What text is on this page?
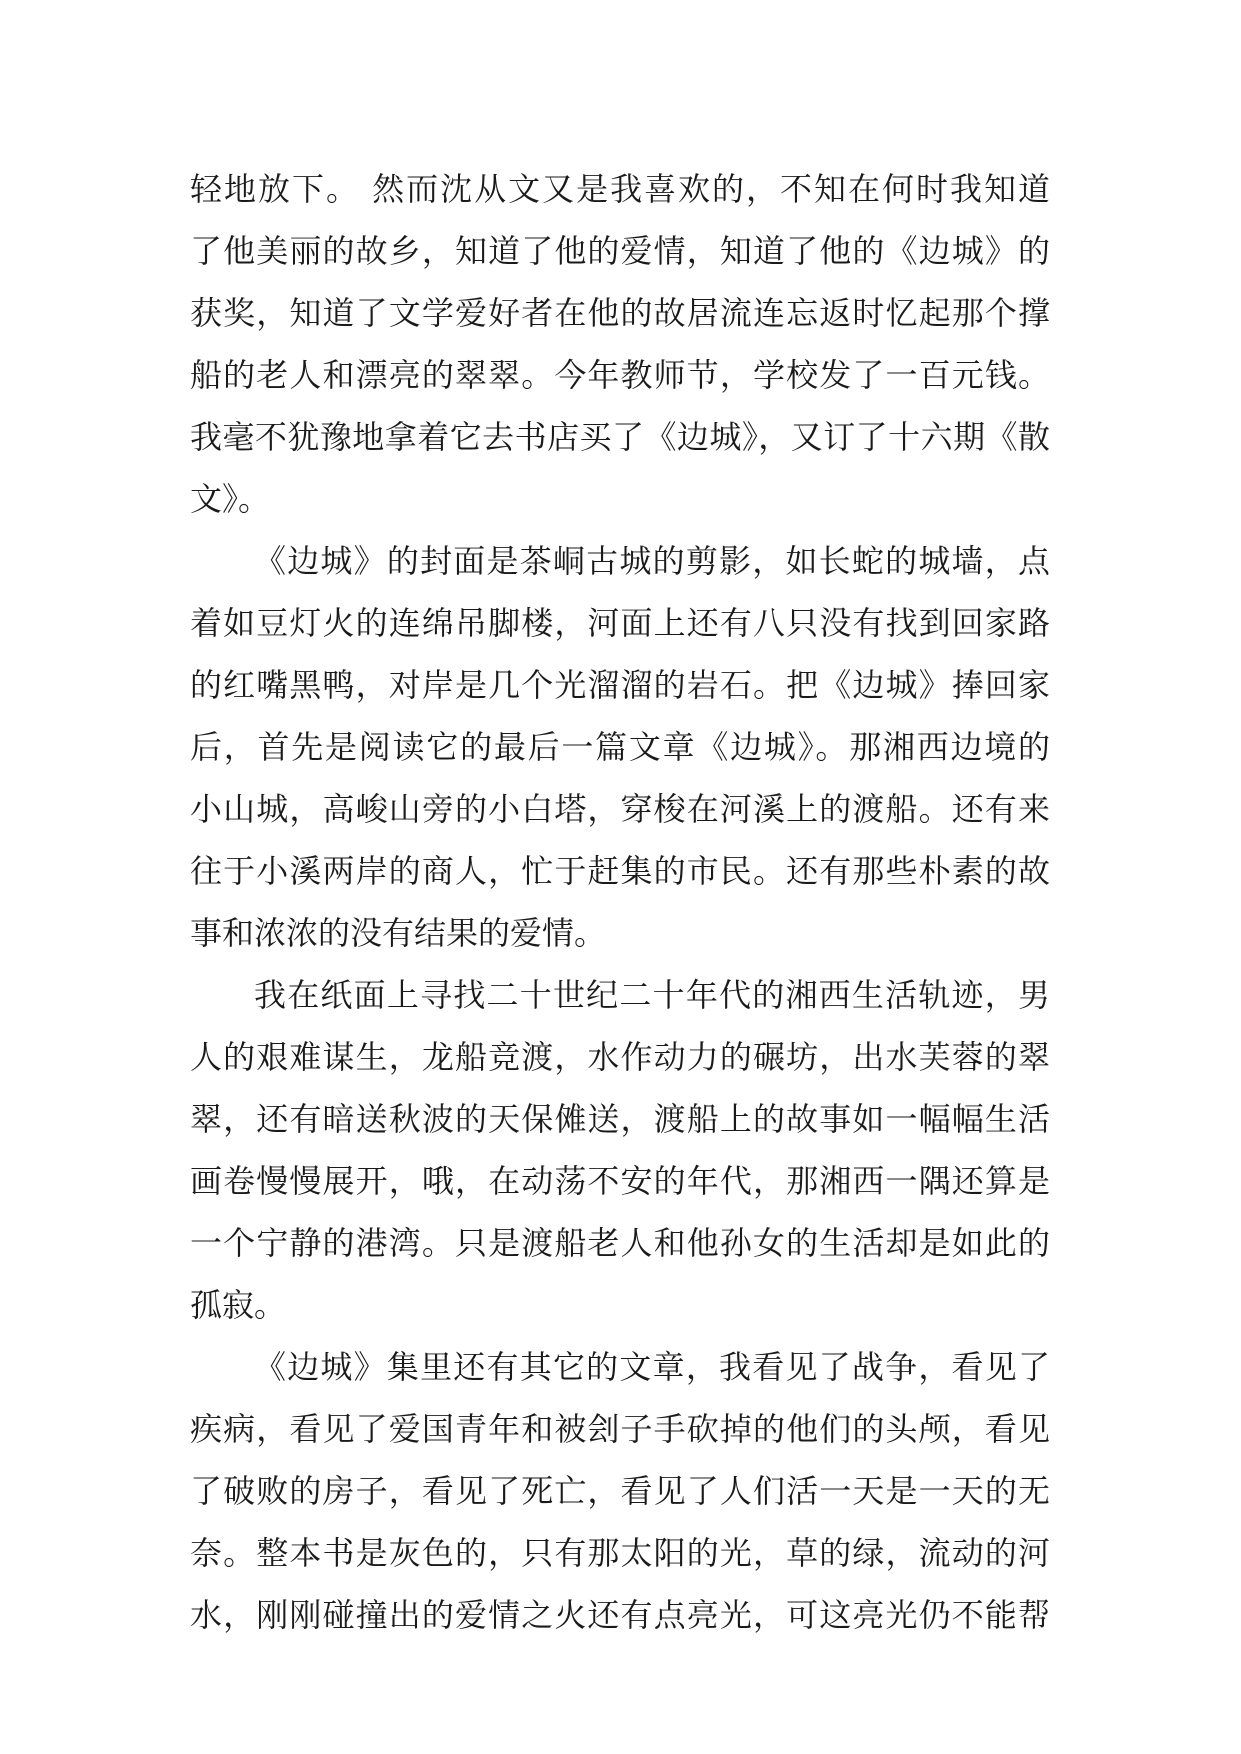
轻地放下。 然而沈从文又是我喜欢的，不知在何时我知道
了他美丽的故乡，知道了他的爱情，知道了他的《边城》的
获奖，知道了文学爱好者在他的故居流连忘返时忆起那个撑
船的老人和漂亮的翠翠。今年教师节，学校发了一百元钱。
我毫不犹豫地拿着它去书店买了《边城》，又订了十六期《散
文》。
《边城》的封面是茶峒古城的剪影，如长蛇的城墙，点
着如豆灯火的连绵吊脚楼，河面上还有八只没有找到回家路
的红嘴黑鸭，对岸是几个光溜溜的岩石。把《边城》捧回家
后，首先是阅读它的最后一篇文章《边城》。那湘西边境的
小山城，高峻山旁的小白塔，穿梭在河溪上的渡船。还有来
往于小溪两岸的商人，忙于赶集的市民。还有那些朴素的故
事和浓浓的没有结果的爱情。
我在纸面上寻找二十世纪二十年代的湘西生活轨迹，男
人的艰难谋生，龙船竞渡，水作动力的碾坊，出水芙蓉的翠
翠，还有暗送秋波的天保傩送，渡船上的故事如一幅幅生活
画卷慢慢展开，哦，在动荡不安的年代，那湘西一隅还算是
一个宁静的港湾。只是渡船老人和他孙女的生活却是如此的
孤寂。
《边城》集里还有其它的文章，我看见了战争，看见了
疾病，看见了爱国青年和被刽子手砍掉的他们的头颅，看见
了破败的房子，看见了死亡，看见了人们活一天是一天的无
奈。整本书是灰色的，只有那太阳的光，草的绿，流动的河
水，刚刚碰撞出的爱情之火还有点亮光，可这亮光仍不能帮
